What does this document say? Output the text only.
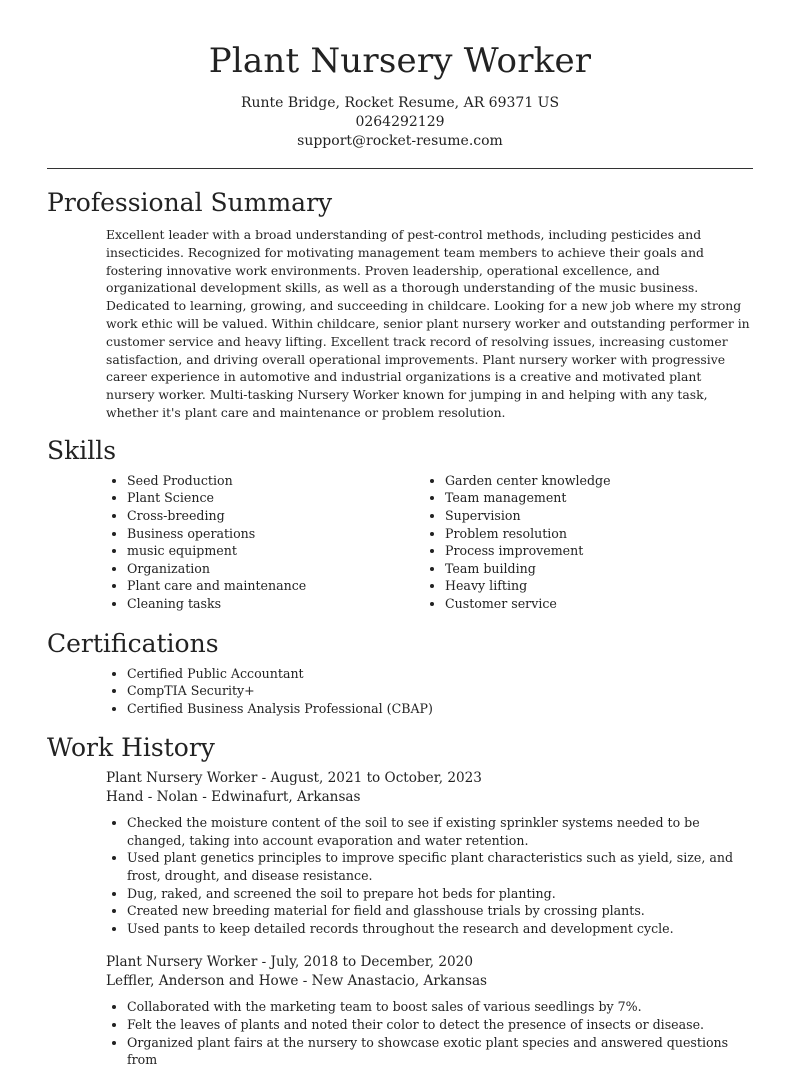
Plant Nursery Worker
Runte Bridge, Rocket Resume, AR 69371 US
0264292129
support@rocket-resume.com
Professional Summary

Excellent leader with a broad understanding of pest-control methods, including pesticides and insecticides. Recognized for motivating management team members to achieve their goals and fostering innovative work environments. Proven leadership, operational excellence, and organizational development skills, as well as a thorough understanding of the music business. Dedicated to learning, growing, and succeeding in childcare. Looking for a new job where my strong work ethic will be valued. Within childcare, senior plant nursery worker and outstanding performer in customer service and heavy lifting. Excellent track record of resolving issues, increasing customer satisfaction, and driving overall operational improvements. Plant nursery worker with progressive career experience in automotive and industrial organizations is a creative and motivated plant nursery worker. Multi-tasking Nursery Worker known for jumping in and helping with any task, whether it's plant care and maintenance or problem resolution.

Skills
• Seed Production
• Plant Science
• Cross-breeding
• Business operations
• music equipment
• Organization
• Plant care and maintenance
• Cleaning tasks
• Garden center knowledge
• Team management
• Supervision
• Problem resolution
• Process improvement
• Team building
• Heavy lifting
• Customer service
Certifications
• Certified Public Accountant
• CompTIA Security+
• Certified Business Analysis Professional (CBAP)
Work History
Plant Nursery Worker - August, 2021 to October, 2023
Hand - Nolan - Edwinafurt, Arkansas
• Checked the moisture content of the soil to see if existing sprinkler systems needed to be changed, taking into account evaporation and water retention.
• Used plant genetics principles to improve specific plant characteristics such as yield, size, and frost, drought, and disease resistance.
• Dug, raked, and screened the soil to prepare hot beds for planting.
• Created new breeding material for field and glasshouse trials by crossing plants.
• Used pants to keep detailed records throughout the research and development cycle.
Plant Nursery Worker - July, 2018 to December, 2020
Leffler, Anderson and Howe - New Anastacio, Arkansas
• Collaborated with the marketing team to boost sales of various seedlings by 7%.
• Felt the leaves of plants and noted their color to detect the presence of insects or disease.
• Organized plant fairs at the nursery to showcase exotic plant species and answered questions from
